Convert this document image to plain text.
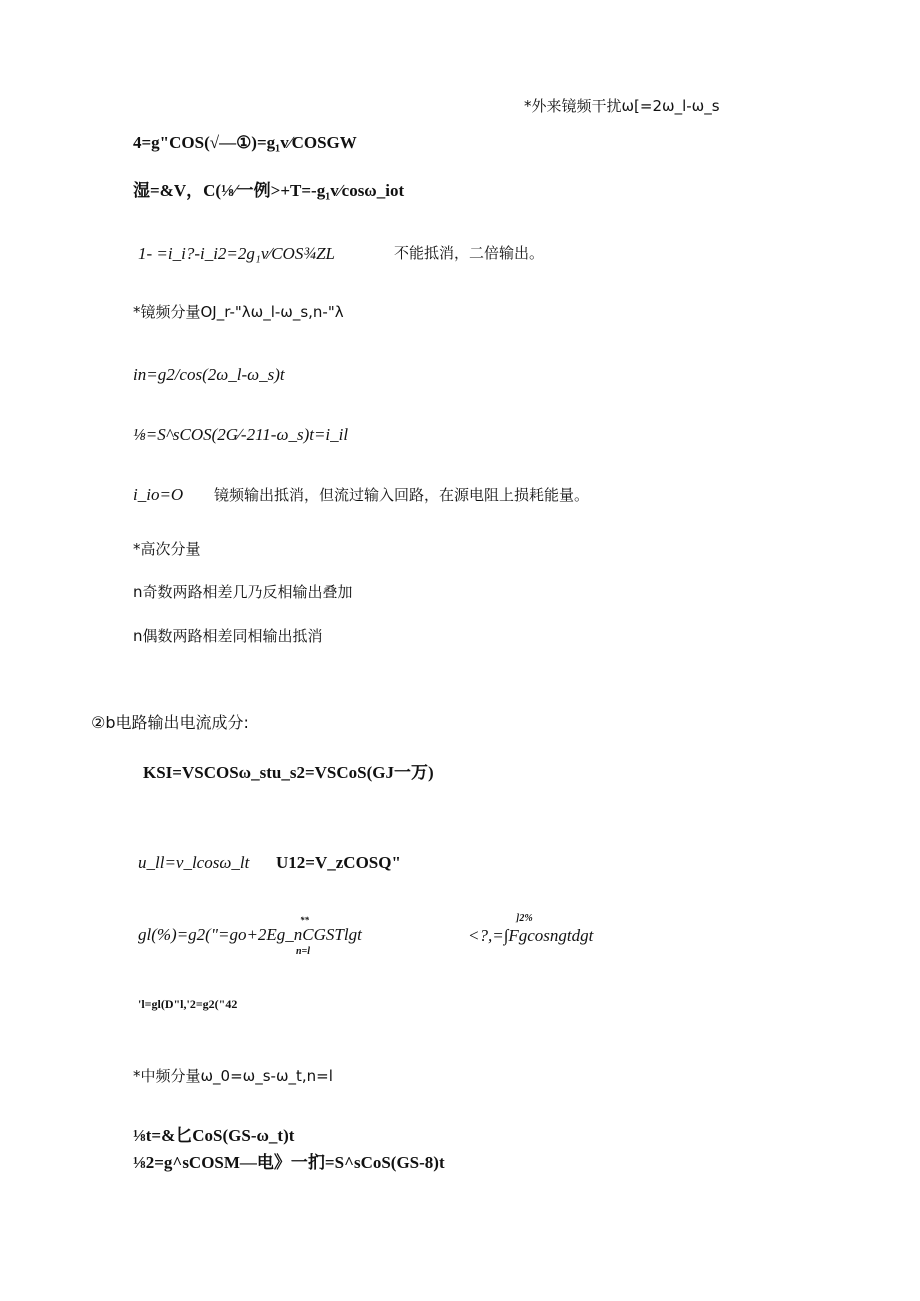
*外来镜频干扰ω[=2ω_l-ω_s
4=g"COS(√—①)=g₁v∕COSGW
湿=&V，C(⅛∕一例>+T=-g₁v∕cosω_iot
1- =i_i?-i_i2=2g₁v∕COS¾ZL	不能抵消，二倍输出。
*镜频分量OJ_r-"λω_l-ω_s,n-"λ
in=g2/cos(2ω_l-ω_s)t
⅛=S^sCOS(2G∕-211-ω_s)t=i_il
i_io=O 镜频输出抵消，但流过输入回路，在源电阻上损耗能量。
*高次分量
n奇数两路相差几乃反相输出叠加
n偶数两路相差同相输出抵消
②b电路输出电流成分:
KSI=VSCOSω_stu_s2=VSCoS(GJ一万)
u_ll=v_lcosω_lt U12=V_zCOSQ"
**
gl(%)=g2("=go+2Eg_nCGSTlgt
n=l
]2%
<?,=∫Fgcosngtdgt
'l=gl(D"l,'2=g2("42
*中频分量ω_0=ω_s-ω_t,n=l
⅛t=&匕CoS(GS-ω_t)t
⅛2=g^sCOSM—电》一扪=S^sCoS(GS-8)t
